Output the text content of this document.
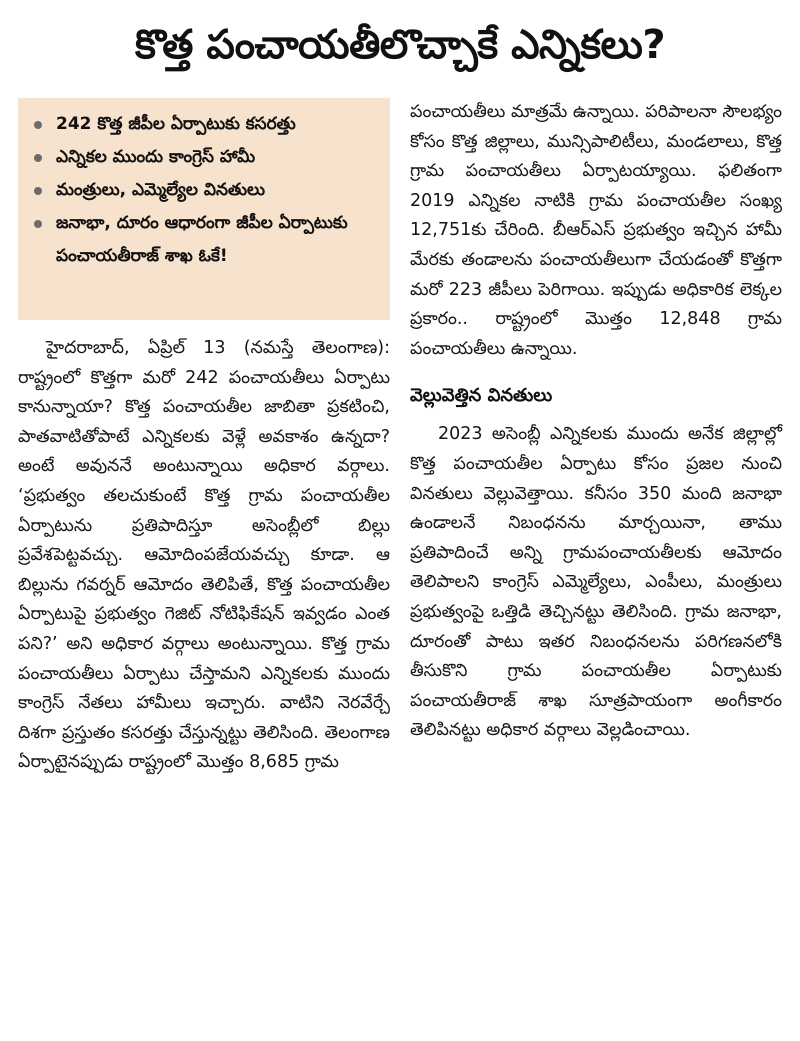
కొత్త పంచాయతీలొచ్చాకే ఎన్నికలు?
242 కొత్త జీపీల ఏర్పాటుకు కసరత్తు
ఎన్నికల ముందు కాంగ్రెస్ హామీ
మంత్రులు, ఎమ్మెల్యేల వినతులు
జనాభా, దూరం ఆధారంగా జీపీల ఏర్పాటుకు పంచాయతీరాజ్ శాఖ ఓకే!

హైదరాబాద్, ఏప్రిల్ 13 (నమస్తే తెలంగాణ): రాష్ట్రంలో కొత్తగా మరో 242 పంచాయతీలు ఏర్పాటు కానున్నాయా? కొత్త పంచాయతీల జాబితా ప్రకటించి, పాతవాటితోపాటే ఎన్నికలకు వెళ్లే అవకాశం ఉన్నదా? అంటే అవుననే అంటున్నాయి అధికార వర్గాలు. ‘ప్రభుత్వం తలచుకుంటే కొత్త గ్రామ పంచాయతీల ఏర్పాటును ప్రతిపాదిస్తూ అసెంబ్లీలో బిల్లు ప్రవేశపెట్టవచ్చు. ఆమోదింపజేయవచ్చు కూడా. ఆ బిల్లును గవర్నర్ ఆమోదం తెలిపితే, కొత్త పంచాయతీల ఏర్పాటుపై ప్రభుత్వం గెజిట్ నోటిఫికేషన్ ఇవ్వడం ఎంత పని?’ అని అధికార వర్గాలు అంటున్నాయి. కొత్త గ్రామ పంచాయతీలు ఏర్పాటు చేస్తామని ఎన్నికలకు ముందు కాంగ్రెస్ నేతలు హామీలు ఇచ్చారు. వాటిని నెరవేర్చే దిశగా ప్రస్తుతం కసరత్తు చేస్తున్నట్టు తెలిసింది. తెలంగాణ ఏర్పాటైనప్పుడు రాష్ట్రంలో మొత్తం 8,685 గ్రామ

పంచాయతీలు మాత్రమే ఉన్నాయి. పరిపాలనా సౌలభ్యం కోసం కొత్త జిల్లాలు, మున్సిపాలిటీలు, మండలాలు, కొత్త గ్రామ పంచాయతీలు ఏర్పాటయ్యాయి. ఫలితంగా 2019 ఎన్నికల నాటికి గ్రామ పంచాయతీల సంఖ్య 12,751కు చేరింది. బీఆర్ఎస్ ప్రభుత్వం ఇచ్చిన హామీ మేరకు తండాలను పంచాయతీలుగా చేయడంతో కొత్తగా మరో 223 జీపీలు పెరిగాయి. ఇప్పుడు అధికారిక లెక్కల ప్రకారం.. రాష్ట్రంలో మొత్తం 12,848 గ్రామ పంచాయతీలు ఉన్నాయి.

వెల్లువెత్తిన వినతులు

2023 అసెంబ్లీ ఎన్నికలకు ముందు అనేక జిల్లాల్లో కొత్త పంచాయతీల ఏర్పాటు కోసం ప్రజల నుంచి వినతులు వెల్లువెత్తాయి. కనీసం 350 మంది జనాభా ఉండాలనే నిబంధనను మార్చయినా, తాము ప్రతిపాదించే అన్ని గ్రామపంచాయతీలకు ఆమోదం తెలిపాలని కాంగ్రెస్ ఎమ్మెల్యేలు, ఎంపీలు, మంత్రులు ప్రభుత్వంపై ఒత్తిడి తెచ్చినట్టు తెలిసింది. గ్రామ జనాభా, దూరంతో పాటు ఇతర నిబంధనలను పరిగణనలోకి తీసుకొని గ్రామ పంచాయతీల ఏర్పాటుకు పంచాయతీరాజ్ శాఖ సూత్రపాయంగా అంగీకారం తెలిపినట్టు అధికార వర్గాలు వెల్లడించాయి.
